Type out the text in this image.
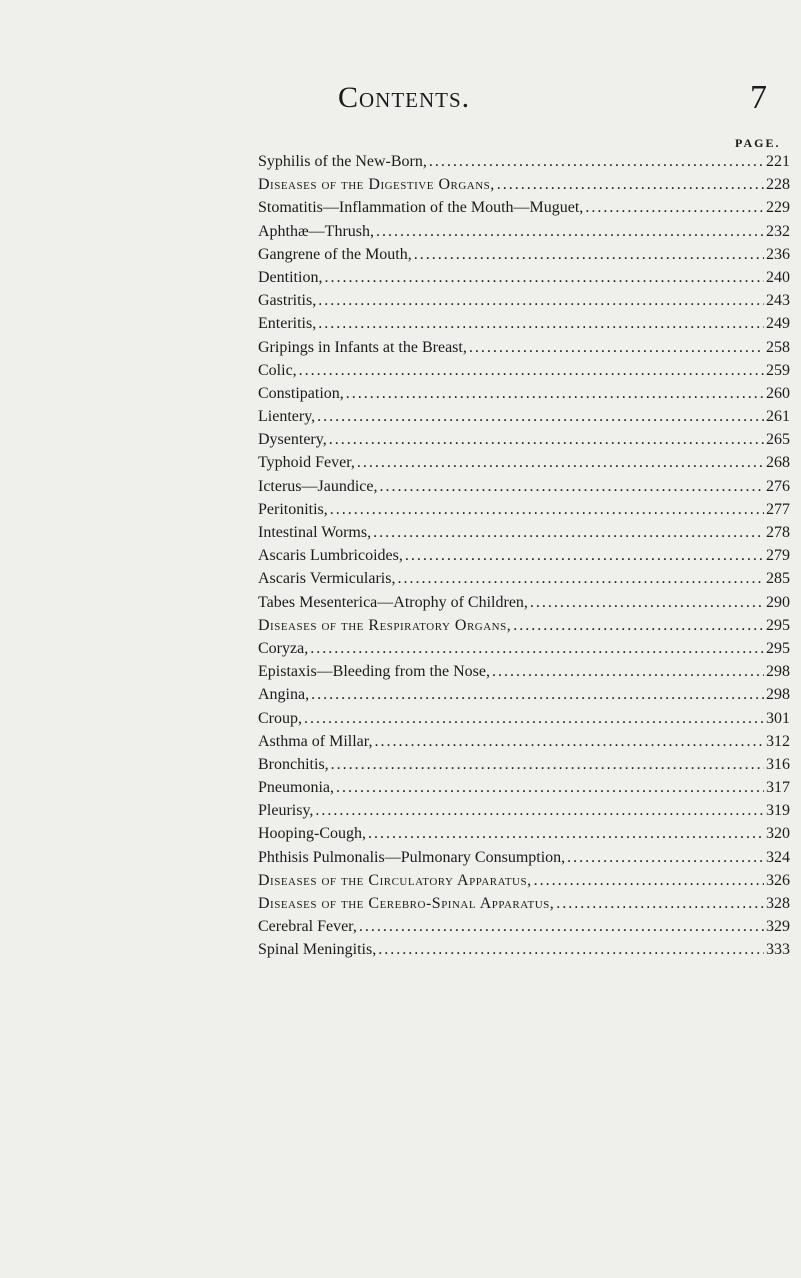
Contents.	7
PAGE.
Syphilis of the New-Born, .....	221
Diseases of the Digestive Organs, .....	228
Stomatitis—Inflammation of the Mouth—Muguet, .....	229
Aphthæ—Thrush, .....	232
Gangrene of the Mouth, .....	236
Dentition, .....	240
Gastritis, .....	243
Enteritis, .....	249
Gripings in Infants at the Breast, .....	258
Colic, .....	259
Constipation, .....	260
Lientery, .....	261
Dysentery, .....	265
Typhoid Fever, .....	268
Icterus—Jaundice, .....	276
Peritonitis, .....	277
Intestinal Worms, .....	278
Ascaris Lumbricoides, .....	279
Ascaris Vermicularis, .....	285
Tabes Mesenterica—Atrophy of Children, .....	290
Diseases of the Respiratory Organs, .....	295
Coryza, .....	295
Epistaxis—Bleeding from the Nose, .....	298
Angina, .....	298
Croup, .....	301
Asthma of Millar, .....	312
Bronchitis, .....	316
Pneumonia, .....	317
Pleurisy, .....	319
Hooping-Cough, .....	320
Phthisis Pulmonalis—Pulmonary Consumption, .....	324
Diseases of the Circulatory Apparatus, .....	326
Diseases of the Cerebro-Spinal Apparatus, .....	328
Cerebral Fever, .....	329
Spinal Meningitis, .....	333
